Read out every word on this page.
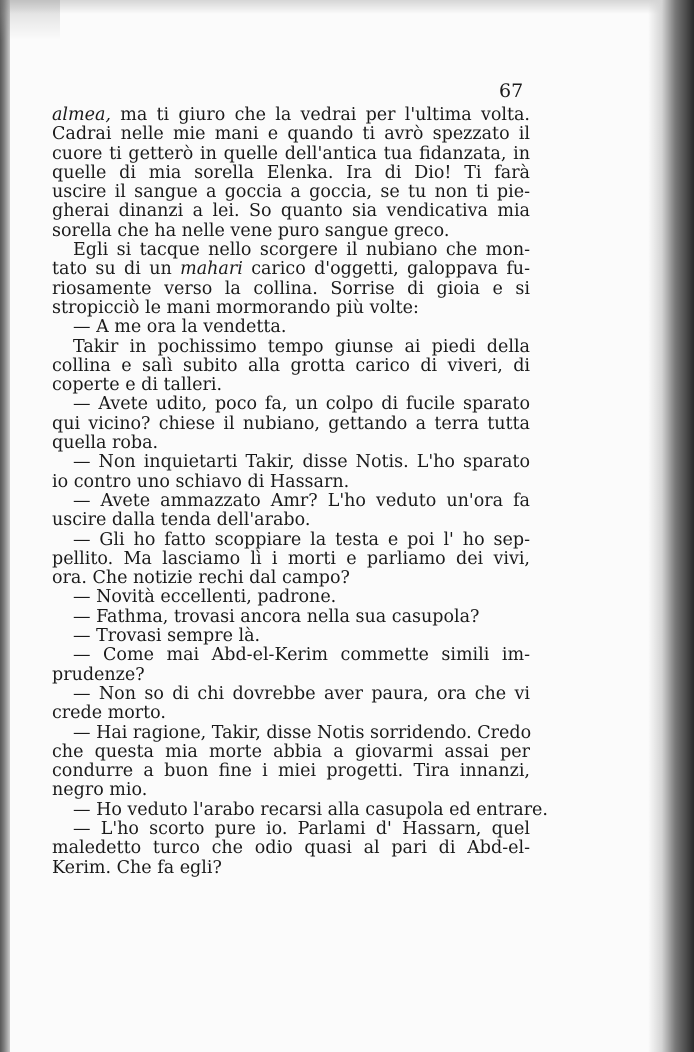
67
almea, ma ti giuro che la vedrai per l'ultima volta.
Cadrai nelle mie mani e quando ti avrò spezzato il
cuore ti getterò in quelle dell'antica tua fidanzata, in
quelle di mia sorella Elenka. Ira di Dio! Ti farà
uscire il sangue a goccia a goccia, se tu non ti pie-
gherai dinanzi a lei. So quanto sia vendicativa mia
sorella che ha nelle vene puro sangue greco.
Egli si tacque nello scorgere il nubiano che mon-
tato su di un mahari carico d'oggetti, galoppava fu-
riosamente verso la collina. Sorrise di gioia e si
stropicciò le mani mormorando più volte:
— A me ora la vendetta.
Takir in pochissimo tempo giunse ai piedi della
collina e salì subito alla grotta carico di viveri, di
coperte e di talleri.
— Avete udito, poco fa, un colpo di fucile sparato
qui vicino? chiese il nubiano, gettando a terra tutta
quella roba.
— Non inquietarti Takir, disse Notis. L'ho sparato
io contro uno schiavo di Hassarn.
— Avete ammazzato Amr? L'ho veduto un'ora fa
uscire dalla tenda dell'arabo.
— Gli ho fatto scoppiare la testa e poi l' ho sep-
pellito. Ma lasciamo lì i morti e parliamo dei vivi,
ora. Che notizie rechi dal campo?
— Novità eccellenti, padrone.
— Fathma, trovasi ancora nella sua casupola?
— Trovasi sempre là.
— Come mai Abd-el-Kerim commette simili im-
prudenze?
— Non so di chi dovrebbe aver paura, ora che vi
crede morto.
— Hai ragione, Takir, disse Notis sorridendo. Credo
che questa mia morte abbia a giovarmi assai per
condurre a buon fine i miei progetti. Tira innanzi,
negro mio.
— Ho veduto l'arabo recarsi alla casupola ed entrare.
— L'ho scorto pure io. Parlami d' Hassarn, quel
maledetto turco che odio quasi al pari di Abd-el-
Kerim. Che fa egli?
